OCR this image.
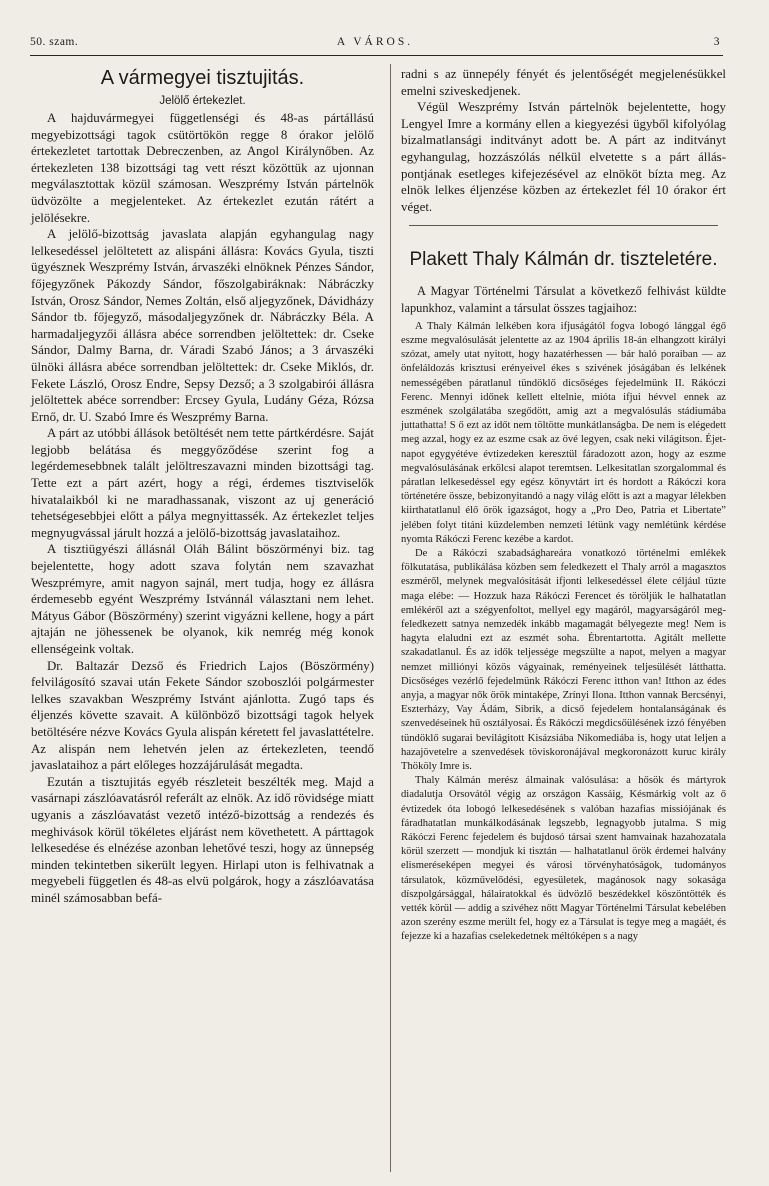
50. szam.	A VÁROS.	3
A vármegyei tisztujitás.
Jelölő értekezlet.

A hajduvármegyei függetlenségi és 48-as pártállású megyebizottsági tagok csütörtökön regge 8 órakor jelölő értekezletet tartottak Debreczenben, az Angol Királynőben. Az értekezleten 138 bizottsági tag vett részt közöttük az ujonnan megválasztottak közül számosan. Weszprémy István pártelnök üdvözölte a megjelenteket. Az értekezlet ezután rátért a jelölésekre.

A jelölő-bizottság javaslata alapján egyhangulag nagy lelkesedéssel jelöltetett az alispáni állásra: Kovács Gyula, tiszti ügyésznek Weszprémy István, árvaszéki elnöknek Pénzes Sándor, főjegyzőnek Pákozdy Sándor, főszolgabiráknak: Nábráczky István, Orosz Sándor, Nemes Zoltán, első aljegyzőnek, Dávidházy Sándor tb. főjegyző, másodaljegyzőnek dr. Nábráczky Béla. A harmadaljegyzői állásra abéce sorrendben jelöltettek: dr. Cseke Sándor, Dalmy Barna, dr. Váradi Szabó János; a 3 árvaszéki ülnöki állásra abéce sorrendban jelöltettek: dr. Cseke Miklós, dr. Fekete László, Orosz Endre, Sepsy Dezső; a 3 szolgabirói állásra jelöltettek abéce sorrendber: Ercsey Gyula, Ludány Géza, Rózsa Ernő, dr. U. Szabó Imre és Weszprémy Barna.

A párt az utóbbi állások betöltését nem tette pártkérdésre. Saját legjobb belátása és meggyőződése szerint fog a legérdemesebbnek talált jelöltreszavazni minden bizottsági tag. Tette ezt a párt azért, hogy a régi, érdemes tisztviselők hivatalaikból ki ne maradhassanak, viszont az uj generáció tehetségesebbjei előtt a pálya megnyittassék. Az értekezlet teljes megnyugvással járult hozzá a jelölő-bizottság javaslataihoz.

A tisztiügyészi állásnál Oláh Bálint böszörményi biz. tag bejelentette, hogy adott szava folytán nem szavazhat Weszprémyre, amit nagyon sajnál, mert tudja, hogy ez állásra érdemesebb egyént Weszprémy Istvánnál választani nem lehet. Mátyus Gábor (Böszörmény) szerint vigyázni kellene, hogy a párt ajtaján ne jöhessenek be olyanok, kik nemrég még konok ellenségeink voltak.

Dr. Baltazár Dezső és Friedrich Lajos (Böszörmény) felvilágosító szavai után Fekete Sándor szoboszlói polgármester lelkes szavakban Weszprémy Istvánt ajánlotta. Zugó taps és éljenzés követte szavait. A különböző bizottsági tagok helyek betöltésére nézve Kovács Gyula alispán kéretett fel javaslattételre. Az alispán nem lehetvén jelen az értekezleten, teendő javaslataihoz a párt előleges hozzájárulását megadta.

Ezután a tisztujitás egyéb részleteit beszélték meg. Majd a vasárnapi zászlóavatásról referált az elnök. Az idő rövidsége miatt ugyanis a zászlóavatást vezető intéző-bizottság a rendezés és meghivások körül tökéletes eljárást nem követhetett. A párttagok lelkesedése és elnézése azonban lehetővé teszi, hogy az ünnepség minden tekintetben sikerült legyen. Hirlapi uton is felhivatnak a megyebeli független és 48-as elvü polgárok, hogy a zászlóavatása minél számosabban befá-

radni s az ünnepély fényét és jelentőségét megjelenésükkel emelni sziveskedjenek.

Végül Weszprémy István pártelnök bejelentette, hogy Lengyel Imre a kormány ellen a kiegyezési ügyből kifolyólag bizalmatlansági inditványt adott be. A párt az inditványt egyhangulag, hozzászólás nélkül elvetette s a párt álláspontjának esetleges kifejezésével az elnököt bízta meg. Az elnök lelkes éljenzése közben az értekezlet fél 10 órakor ért véget.

Plakett Thaly Kálmán dr. tiszteletére.

A Magyar Történelmi Társulat a következő felhivást küldte lapunkhoz, valamint a társulat összes tagjaihoz:

A Thaly Kálmán lelkében kora ifjuságától fogva lobogó lánggal égő eszme megvalósulását jelentette az az 1904 április 18-án elhangzott királyi szózat, amely utat nyitott, hogy hazatérhessen — bár haló poraiban — az önfeláldozás krisztusi erényeivel ékes s szivének jóságában és lelkének nemességében páratlanul tündöklő dicsőséges fejedelmünk II. Rákóczi Ferenc. Mennyi időnek kellett eltelnie, mióta ifjui hévvel ennek az eszmének szolgálatába szegődött, amig azt a megvalósulás stádiumába juttathatta! S ő ezt az időt nem töltötte munkátlanságba. De nem is elégedett meg azzal, hogy ez az eszme csak az övé legyen, csak neki világitson. Éjet-napot egygyétéve évtizedeken keresztül fáradozott azon, hogy az eszme megvalósulásának erkölcsi alapot teremtsen. Lelkesitatlan szorgalommal és páratlan lelkesedéssel egy egész könyvtárt irt és hordott a Rákóczi kora történetére össze, bebizonyitandó a nagy világ előtt is azt a magyar lélekben kiirthatatlanul élő örök igazságot, hogy a „Pro Deo, Patria et Libertate” jelében folyt titáni küzdelemben nemzeti létünk vagy nemlétünk kérdése nyomta Rákóczi Ferenc kezébe a kardot.

De a Rákóczi szabadsághareára vonatkozó történelmi emlékek fölkutatása, publikálása közben sem feledkezett el Thaly arról a magasztos eszméről, melynek megvalósitását ifjonti lelkesedéssel élete céljául tüzte maga elébe: — Hozzuk haza Rákóczi Ferencet és töröljük le halhatatlan emlékéről azt a szégyenfoltot, mellyel egy magáról, magyarságáról megfeledkezett satnya nemzedék inkább magamagát bélyegezte meg! Nem is hagyta elaludni ezt az eszmét soha. Ébrentartotta. Agitált mellette szakadatlanul. És az idők teljessége megszülte a napot, melyen a magyar nemzet milliónyi közös vágyainak, reményeinek teljesülését látthatta. Dicsőséges vezérlő fejedelmünk Rákóczi Ferenc itthon van! Itthon az édes anyja, a magyar nők örök mintaképe, Zrínyi Ilona. Itthon vannak Bercsényi, Eszterházy, Vay Ádám, Sibrik, a dicső fejedelem hontalanságának és szenvedéseinek hű osztályosai. És Rákóczi megdicsőülésének izzó fényében tündöklő sugarai bevilágitott Kisázsiába Nikomediába is, hogy utat leljen a hazajövetelre a szenvedések töviskoronájával megkoronázott kuruc király Thököly Imre is.

Thaly Kálmán merész álmainak valósulása: a hősök és mártyrok diadalutja Orsovától végig az országon Kassáig, Késmárkig volt az ő évtizedek óta lobogó lelkesedésének s valóban hazafias missiójának és fáradhatatlan munkálkodásának legszebb, legnagyobb jutalma. S mig Rákóczi Ferenc fejedelem és bujdosó társai szent hamvainak hazahozatala körül szerzett — mondjuk ki tisztán — halhatatlanul örök érdemei halvány elismeréseképen megyei és városi törvényhatóságok, tudományos társulatok, közművelődési, egyesületek, magánosok nagy sokasága díszpolgársággal, hálairatokkal és üdvözlő beszédekkel köszöntötték és vették körül — addig a szivéhez nőtt Magyar Történelmi Társulat kebelében azon szerény eszme merült fel, hogy ez a Társulat is tegye meg a magáét, és fejezze ki a hazafias cselekedetnek méltóképen s a nagy
